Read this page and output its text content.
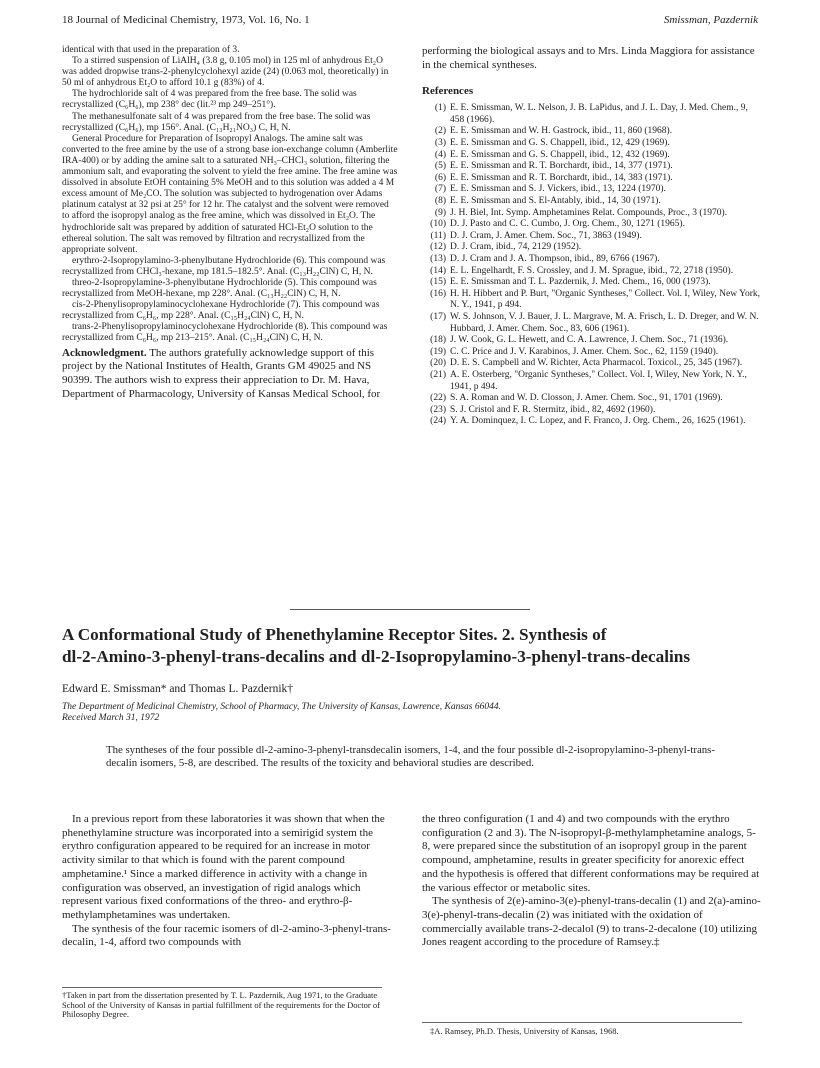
18 Journal of Medicinal Chemistry, 1973, Vol. 16, No. 1	Smissman, Pazdernik

identical with that used in the preparation of 3.

To a stirred suspension of LiAlH₄ (3.8 g, 0.105 mol) in 125 ml of anhydrous Et₂O was added dropwise trans-2-phenylcyclohexyl azide (24) (0.063 mol, theoretically) in 50 ml of anhydrous Et₂O to afford 10.1 g (83%) of 4.

The hydrochloride salt of 4 was prepared from the free base. The solid was recrystallized (C₆H₆), mp 238° dec (lit.²³ mp 249–251°).

The methanesulfonate salt of 4 was prepared from the free base. The solid was recrystallized (C₆H₆), mp 156°. Anal. (C₁₃H₂₁NO₃) C, H, N.

General Procedure for Preparation of Isopropyl Analogs. The amine salt was converted to the free amine by the use of a strong base ion-exchange column (Amberlite IRA-400) or by adding the amine salt to a saturated NH₃–CHCl₃ solution, filtering the ammonium salt, and evaporating the solvent to yield the free amine. The free amine was dissolved in absolute EtOH containing 5% MeOH and to this solution was added a 4 M excess amount of Me₂CO. The solution was subjected to hydrogenation over Adams platinum catalyst at 32 psi at 25° for 12 hr. The catalyst and the solvent were removed to afford the isopropyl analog as the free amine, which was dissolved in Et₂O. The hydrochloride salt was prepared by addition of saturated HCl-Et₂O solution to the ethereal solution. The salt was removed by filtration and recrystallized from the appropriate solvent.

erythro-2-Isopropylamino-3-phenylbutane Hydrochloride (6). This compound was recrystallized from CHCl₃-hexane, mp 181.5–182.5°. Anal. (C₁₃H₂₂ClN) C, H, N.

threo-2-Isopropylamine-3-phenylbutane Hydrochloride (5). This compound was recrystallized from MeOH-hexane, mp 228°. Anal. (C₁₃H₂₂ClN) C, H, N.

cis-2-Phenylisopropylaminocyclohexane Hydrochloride (7). This compound was recrystallized from C₆H₆, mp 228°. Anal. (C₁₅H₂₄ClN) C, H, N.

trans-2-Phenylisopropylaminocyclohexane Hydrochloride (8). This compound was recrystallized from C₆H₆, mp 213–215°. Anal. (C₁₅H₂₄ClN) C, H, N.

Acknowledgment. The authors gratefully acknowledge support of this project by the National Institutes of Health, Grants GM 49025 and NS 90399. The authors wish to express their appreciation to Dr. M. Hava, Department of Pharmacology, University of Kansas Medical School, for

performing the biological assays and to Mrs. Linda Maggiora for assistance in the chemical syntheses.

References

(1) E. E. Smissman, W. L. Nelson, J. B. LaPidus, and J. L. Day, J. Med. Chem., 9, 458 (1966).
(2) E. E. Smissman and W. H. Gastrock, ibid., 11, 860 (1968).
(3) E. E. Smissman and G. S. Chappell, ibid., 12, 429 (1969).
(4) E. E. Smissman and G. S. Chappell, ibid., 12, 432 (1969).
(5) E. E. Smissman and R. T. Borchardt, ibid., 14, 377 (1971).
(6) E. E. Smissman and R. T. Borchardt, ibid., 14, 383 (1971).
(7) E. E. Smissman and S. J. Vickers, ibid., 13, 1224 (1970).
(8) E. E. Smissman and S. El-Antably, ibid., 14, 30 (1971).
(9) J. H. Biel, Int. Symp. Amphetamines Relat. Compounds, Proc., 3 (1970).
(10) D. J. Pasto and C. C. Cumbo, J. Org. Chem., 30, 1271 (1965).
(11) D. J. Cram, J. Amer. Chem. Soc., 71, 3863 (1949).
(12) D. J. Cram, ibid., 74, 2129 (1952).
(13) D. J. Cram and J. A. Thompson, ibid., 89, 6766 (1967).
(14) E. L. Engelhardt, F. S. Crossley, and J. M. Sprague, ibid., 72, 2718 (1950).
(15) E. E. Smissman and T. L. Pazdernik, J. Med. Chem., 16, 000 (1973).
(16) H. H. Hibbert and P. Burt, "Organic Syntheses," Collect. Vol. I, Wiley, New York, N. Y., 1941, p 494.
(17) W. S. Johnson, V. J. Bauer, J. L. Margrave, M. A. Frisch, L. D. Dreger, and W. N. Hubbard, J. Amer. Chem. Soc., 83, 606 (1961).
(18) J. W. Cook, G. L. Hewett, and C. A. Lawrence, J. Chem. Soc., 71 (1936).
(19) C. C. Price and J. V. Karabinos, J. Amer. Chem. Soc., 62, 1159 (1940).
(20) D. E. S. Campbell and W. Richter, Acta Pharmacol. Toxicol., 25, 345 (1967).
(21) A. E. Osterberg, "Organic Syntheses," Collect. Vol. I, Wiley, New York, N. Y., 1941, p 494.
(22) S. A. Roman and W. D. Closson, J. Amer. Chem. Soc., 91, 1701 (1969).
(23) S. J. Cristol and F. R. Stermitz, ibid., 82, 4692 (1960).
(24) Y. A. Dominquez, I. C. Lopez, and F. Franco, J. Org. Chem., 26, 1625 (1961).
A Conformational Study of Phenethylamine Receptor Sites. 2. Synthesis of
dl-2-Amino-3-phenyl-trans-decalins and dl-2-Isopropylamino-3-phenyl-trans-decalins

Edward E. Smissman* and Thomas L. Pazdernik†

The Department of Medicinal Chemistry, School of Pharmacy, The University of Kansas, Lawrence, Kansas 66044.
Received March 31, 1972

The syntheses of the four possible dl-2-amino-3-phenyl-transdecalin isomers, 1-4, and the four possible dl-2-isopropylamino-3-phenyl-trans-decalin isomers, 5-8, are described. The results of the toxicity and behavioral studies are described.

In a previous report from these laboratories it was shown that when the phenethylamine structure was incorporated into a semirigid system the erythro configuration appeared to be required for an increase in motor activity similar to that which is found with the parent compound amphetamine.¹ Since a marked difference in activity with a change in configuration was observed, an investigation of rigid analogs which represent various fixed conformations of the threo- and erythro-β-methylamphetamines was undertaken.

The synthesis of the four racemic isomers of dl-2-amino-3-phenyl-trans-decalin, 1-4, afford two compounds with

the threo configuration (1 and 4) and two compounds with the erythro configuration (2 and 3). The N-isopropyl-β-methylamphetamine analogs, 5-8, were prepared since the substitution of an isopropyl group in the parent compound, amphetamine, results in greater specificity for anorexic effect and the hypothesis is offered that different conformations may be required at the various effector or metabolic sites.

The synthesis of 2(e)-amino-3(e)-phenyl-trans-decalin (1) and 2(a)-amino-3(e)-phenyl-trans-decalin (2) was initiated with the oxidation of commercially available trans-2-decalol (9) to trans-2-decalone (10) utilizing Jones reagent according to the procedure of Ramsey.‡

†Taken in part from the dissertation presented by T. L. Pazdernik, Aug 1971, to the Graduate School of the University of Kansas in partial fulfillment of the requirements for the Doctor of Philosophy Degree.

‡A. Ramsey, Ph.D. Thesis, University of Kansas, 1968.
